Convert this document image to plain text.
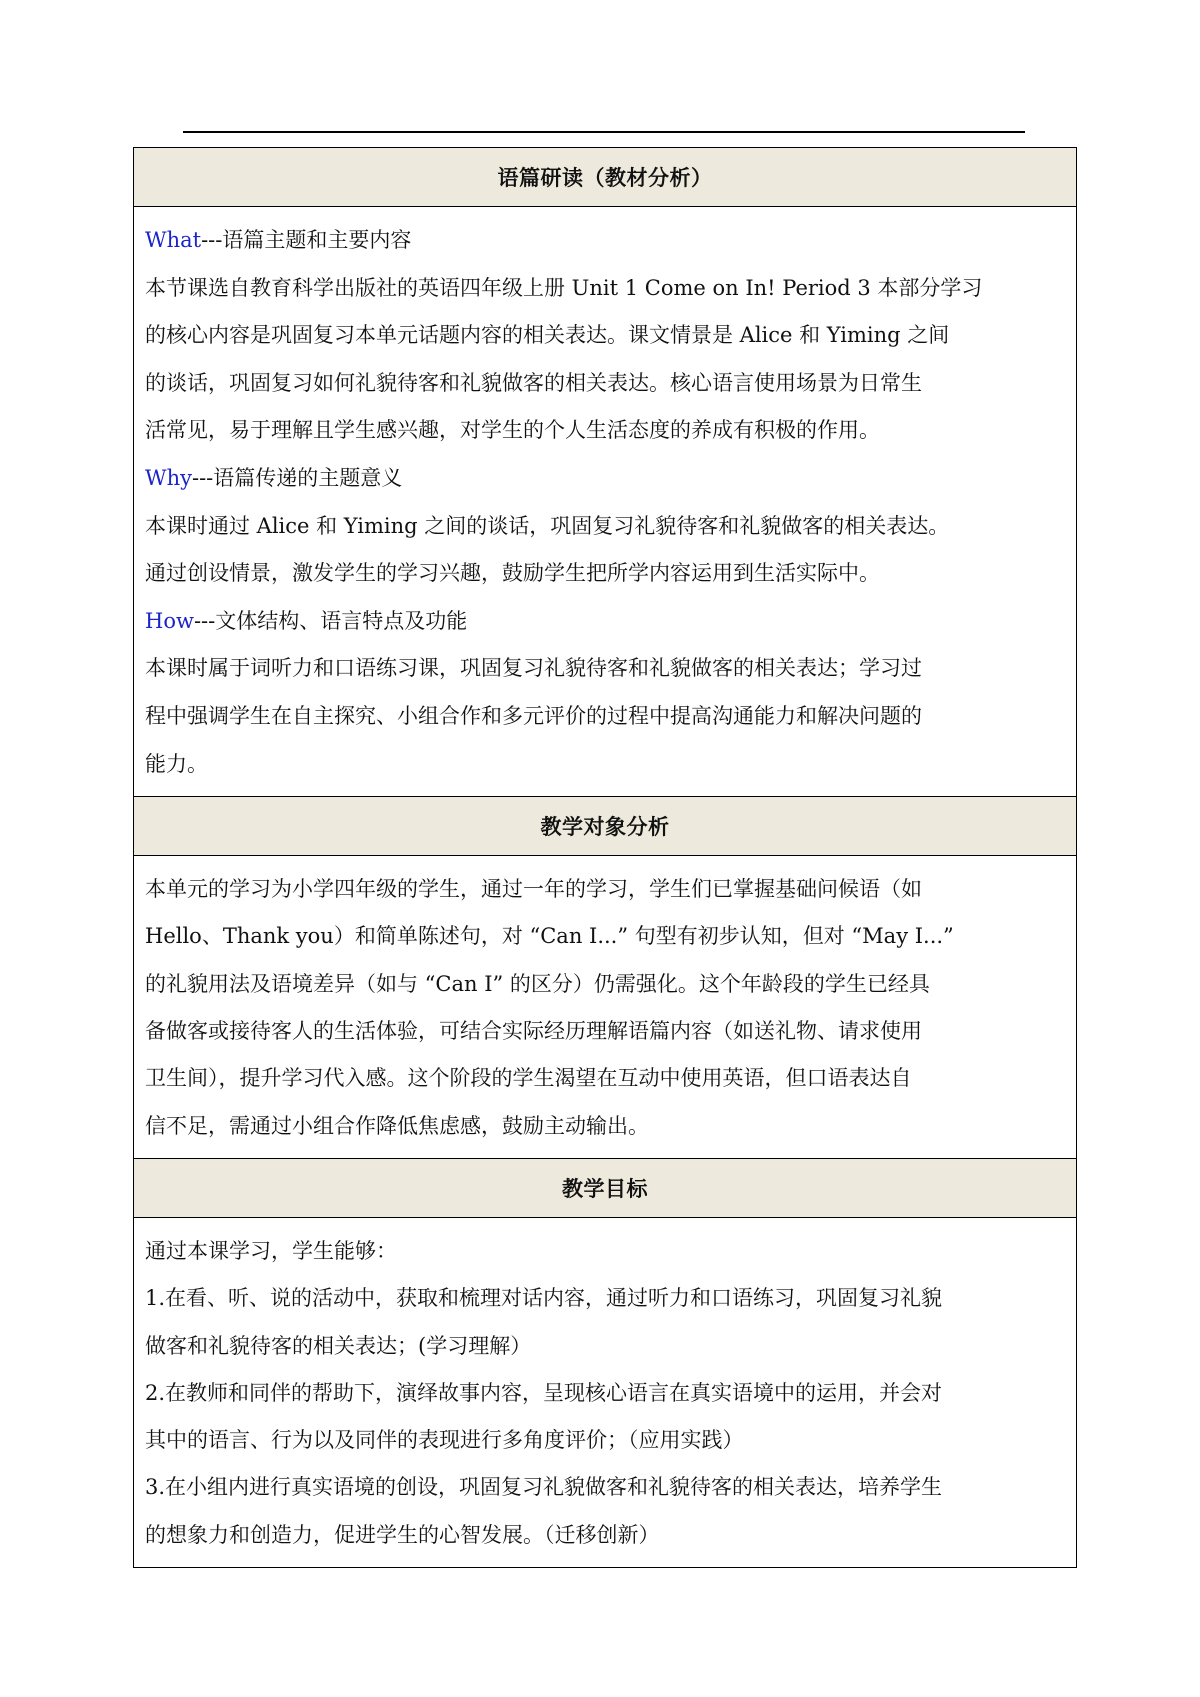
语篇研读（教材分析）

What---语篇主题和主要内容
本节课选自教育科学出版社的英语四年级上册 Unit 1 Come on In! Period 3 本部分学习
的核心内容是巩固复习本单元话题内容的相关表达。课文情景是 Alice 和 Yiming 之间
的谈话，巩固复习如何礼貌待客和礼貌做客的相关表达。核心语言使用场景为日常生
活常见，易于理解且学生感兴趣，对学生的个人生活态度的养成有积极的作用。
Why---语篇传递的主题意义
本课时通过 Alice 和 Yiming 之间的谈话，巩固复习礼貌待客和礼貌做客的相关表达。
通过创设情景，激发学生的学习兴趣，鼓励学生把所学内容运用到生活实际中。
How---文体结构、语言特点及功能
本课时属于词听力和口语练习课，巩固复习礼貌待客和礼貌做客的相关表达；学习过
程中强调学生在自主探究、小组合作和多元评价的过程中提高沟通能力和解决问题的
能力。

教学对象分析

本单元的学习为小学四年级的学生，通过一年的学习，学生们已掌握基础问候语（如
Hello、Thank you）和简单陈述句，对 “Can I...” 句型有初步认知，但对 “May I...”
的礼貌用法及语境差异（如与 “Can I” 的区分）仍需强化。这个年龄段的学生已经具
备做客或接待客人的生活体验，可结合实际经历理解语篇内容（如送礼物、请求使用
卫生间），提升学习代入感。这个阶段的学生渴望在互动中使用英语，但口语表达自
信不足，需通过小组合作降低焦虑感，鼓励主动输出。

教学目标

通过本课学习，学生能够：
1.在看、听、说的活动中，获取和梳理对话内容，通过听力和口语练习，巩固复习礼貌
做客和礼貌待客的相关表达；(学习理解）
2.在教师和同伴的帮助下，演绎故事内容，呈现核心语言在真实语境中的运用，并会对
其中的语言、行为以及同伴的表现进行多角度评价；（应用实践）
3.在小组内进行真实语境的创设，巩固复习礼貌做客和礼貌待客的相关表达，培养学生
的想象力和创造力，促进学生的心智发展。（迁移创新）
